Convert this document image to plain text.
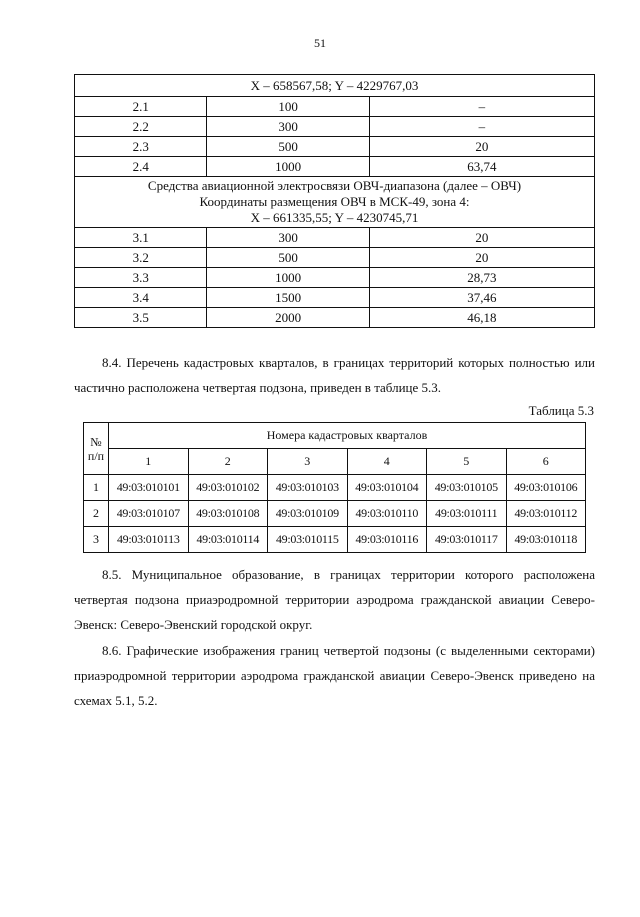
51
X – 658567,58; Y – 4229767,03		
2.1	100	–
2.2	300	–
2.3	500	20
2.4	1000	63,74

Средства авиационной электросвязи ОВЧ-диапазона (далее – ОВЧ)
Координаты размещения ОВЧ в МСК-49, зона 4:
X – 661335,55; Y – 4230745,71		

3.1	300	20
3.2	500	20
3.3	1000	28,73
3.4	1500	37,46
3.5	2000	46,18

8.4. Перечень кадастровых кварталов, в границах территорий которых полностью или частично расположена четвертая подзона, приведен в таблице 5.3.

Таблица 5.3
№
п/п	Номера кадастровых кварталов					
	1	2	3	4	5	6
1	49:03:010101	49:03:010102	49:03:010103	49:03:010104	49:03:010105	49:03:010106
2	49:03:010107	49:03:010108	49:03:010109	49:03:010110	49:03:010111	49:03:010112
3	49:03:010113	49:03:010114	49:03:010115	49:03:010116	49:03:010117	49:03:010118

8.5. Муниципальное образование, в границах территории которого расположена четвертая подзона приаэродромной территории аэродрома гражданской авиации Северо-Эвенск: Северо-Эвенский городской округ.

8.6. Графические изображения границ четвертой подзоны (с выделенными секторами) приаэродромной территории аэродрома гражданской авиации Северо-Эвенск приведено на схемах 5.1, 5.2.
